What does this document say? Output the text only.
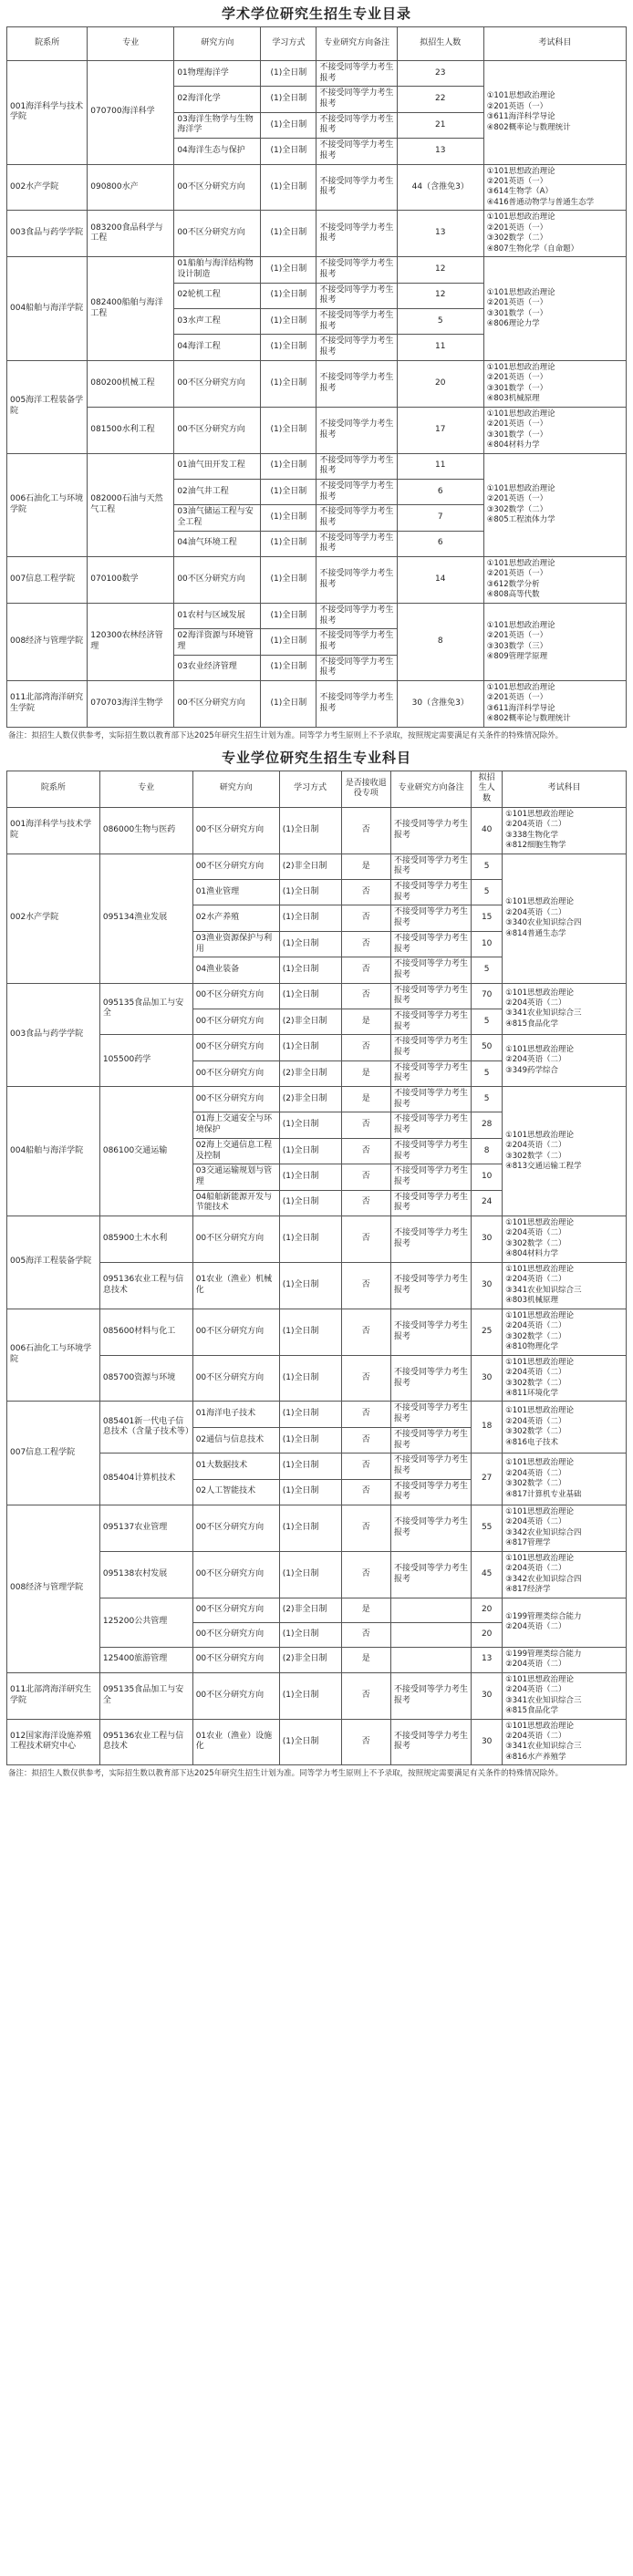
学术学位研究生招生专业目录
院系所	专业	研究方向	学习方式	专业研究方向备注	拟招生人数	考试科目
001海洋科学与技术学院	070700海洋科学	01物理海洋学	(1)全日制	不接受同等学力考生报考	23	①101思想政治理论
②201英语（一）
③611海洋科学导论
④802概率论与数理统计

		02海洋化学	(1)全日制	不接受同等学力考生报考	22	
		03海洋生物学与生物海洋学	(1)全日制	不接受同等学力考生报考	21	
		04海洋生态与保护	(1)全日制	不接受同等学力考生报考	13	
002水产学院	090800水产	00不区分研究方向	(1)全日制	不接受同等学力考生报考	44（含推免3）	①101思想政治理论
②201英语（一）
③614生物学（A）
④416普通动物学与普通生态学

003食品与药学学院	083200食品科学与工程	00不区分研究方向	(1)全日制	不接受同等学力考生报考	13	①101思想政治理论
②201英语（一）
③302数学（二）
④807生物化学（自命题）

004船舶与海洋学院	082400船舶与海洋工程	01船舶与海洋结构物设计制造	(1)全日制	不接受同等学力考生报考	12	①101思想政治理论
②201英语（一）
③301数学（一）
④806理论力学

		02轮机工程	(1)全日制	不接受同等学力考生报考	12	
		03水声工程	(1)全日制	不接受同等学力考生报考	5	
		04海洋工程	(1)全日制	不接受同等学力考生报考	11	
005海洋工程装备学院	080200机械工程	00不区分研究方向	(1)全日制	不接受同等学力考生报考	20	①101思想政治理论
②201英语（一）
③301数学（一）
④803机械原理

	081500水利工程	00不区分研究方向	(1)全日制	不接受同等学力考生报考	17	①101思想政治理论
②201英语（一）
③301数学（一）
④804材料力学

006石油化工与环境学院	082000石油与天然气工程	01油气田开发工程	(1)全日制	不接受同等学力考生报考	11	①101思想政治理论
②201英语（一）
③302数学（二）
④805工程流体力学

		02油气井工程	(1)全日制	不接受同等学力考生报考	6	
		03油气储运工程与安全工程	(1)全日制	不接受同等学力考生报考	7	
		04油气环境工程	(1)全日制	不接受同等学力考生报考	6	
007信息工程学院	070100数学	00不区分研究方向	(1)全日制	不接受同等学力考生报考	14	①101思想政治理论
②201英语（一）
③612数学分析
④808高等代数

008经济与管理学院	120300农林经济管理	01农村与区域发展	(1)全日制	不接受同等学力考生报考	8	①101思想政治理论
②201英语（一）
③303数学（三）
④809管理学原理

		02海洋资源与环境管理	(1)全日制	不接受同等学力考生报考		
		03农业经济管理	(1)全日制	不接受同等学力考生报考		
011北部湾海洋研究生学院	070703海洋生物学	00不区分研究方向	(1)全日制	不接受同等学力考生报考	30（含推免3）	①101思想政治理论
②201英语（一）
③611海洋科学导论
④802概率论与数理统计
备注：拟招生人数仅供参考，实际招生数以教育部下达2025年研究生招生计划为准。同等学力考生原则上不予录取，按照规定需要满足有关条件的特殊情况除外。
专业学位研究生招生专业科目
院系所	专业	研究方向	学习方式	是否接收退役专项	专业研究方向备注	拟招生人数	考试科目
001海洋科学与技术学院	086000生物与医药	00不区分研究方向	(1)全日制	否	不接受同等学力考生报考	40	①101思想政治理论
②204英语（二）
③338生物化学
④812细胞生物学

002水产学院	095134渔业发展	00不区分研究方向	(2)非全日制	是	不接受同等学力考生报考	5	①101思想政治理论
②204英语（二）
③340农业知识综合四
④814普通生态学

		01渔业管理	(1)全日制	否	不接受同等学力考生报考	5	
		02水产养殖	(1)全日制	否	不接受同等学力考生报考	15	
		03渔业资源保护与利用	(1)全日制	否	不接受同等学力考生报考	10	
		04渔业装备	(1)全日制	否	不接受同等学力考生报考	5	
003食品与药学学院	095135食品加工与安全	00不区分研究方向	(1)全日制	否	不接受同等学力考生报考	70	①101思想政治理论
②204英语（二）
③341农业知识综合三
④815食品化学

		00不区分研究方向	(2)非全日制	是	不接受同等学力考生报考	5	
	105500药学	00不区分研究方向	(1)全日制	否	不接受同等学力考生报考	50	①101思想政治理论
②204英语（二）
③349药学综合

		00不区分研究方向	(2)非全日制	是	不接受同等学力考生报考	5	
004船舶与海洋学院	086100交通运输	00不区分研究方向	(2)非全日制	是	不接受同等学力考生报考	5	①101思想政治理论
②204英语（二）
③302数学（二）
④813交通运输工程学

		01海上交通安全与环境保护	(1)全日制	否	不接受同等学力考生报考	28	
		02海上交通信息工程及控制	(1)全日制	否	不接受同等学力考生报考	8	
		03交通运输规划与管理	(1)全日制	否	不接受同等学力考生报考	10	
		04船舶新能源开发与节能技术	(1)全日制	否	不接受同等学力考生报考	24	
005海洋工程装备学院	085900土木水利	00不区分研究方向	(1)全日制	否	不接受同等学力考生报考	30	①101思想政治理论
②204英语（二）
③302数学（二）
④804材料力学

	095136农业工程与信息技术	01农业（渔业）机械化	(1)全日制	否	不接受同等学力考生报考	30	①101思想政治理论
②204英语（二）
③341农业知识综合三
④803机械原理

006石油化工与环境学院	085600材料与化工	00不区分研究方向	(1)全日制	否	不接受同等学力考生报考	25	①101思想政治理论
②204英语（二）
③302数学（二）
④810物理化学

	085700资源与环境	00不区分研究方向	(1)全日制	否	不接受同等学力考生报考	30	①101思想政治理论
②204英语（二）
③302数学（二）
④811环境化学

007信息工程学院	085401新一代电子信息技术（含量子技术等）	01海洋电子技术	(1)全日制	否	不接受同等学力考生报考	18	①101思想政治理论
②204英语（二）
③302数学（二）
④816电子技术

		02通信与信息技术	(1)全日制	否	不接受同等学力考生报考		
	085404计算机技术	01大数据技术	(1)全日制	否	不接受同等学力考生报考	27	①101思想政治理论
②204英语（二）
③302数学（二）
④817计算机专业基础

		02人工智能技术	(1)全日制	否	不接受同等学力考生报考		
008经济与管理学院	095137农业管理	00不区分研究方向	(1)全日制	否	不接受同等学力考生报考	55	①101思想政治理论
②204英语（二）
③342农业知识综合四
④817管理学

	095138农村发展	00不区分研究方向	(1)全日制	否	不接受同等学力考生报考	45	①101思想政治理论
②204英语（二）
③342农业知识综合四
④817经济学

	125200公共管理	00不区分研究方向	(2)非全日制	是		20	①199管理类综合能力
②204英语（二）

		00不区分研究方向	(1)全日制	否		20	
	125400旅游管理	00不区分研究方向	(2)非全日制	是		13	①199管理类综合能力
②204英语（二）

011北部湾海洋研究生学院	095135食品加工与安全	00不区分研究方向	(1)全日制	否	不接受同等学力考生报考	30	①101思想政治理论
②204英语（二）
③341农业知识综合三
④815食品化学

012国家海洋设施养殖工程技术研究中心	095136农业工程与信息技术	01农业（渔业）设施化	(1)全日制	否	不接受同等学力考生报考	30	①101思想政治理论
②204英语（二）
③341农业知识综合三
④816水产养殖学
备注：拟招生人数仅供参考，实际招生数以教育部下达2025年研究生招生计划为准。同等学力考生原则上不予录取，按照规定需要满足有关条件的特殊情况除外。
